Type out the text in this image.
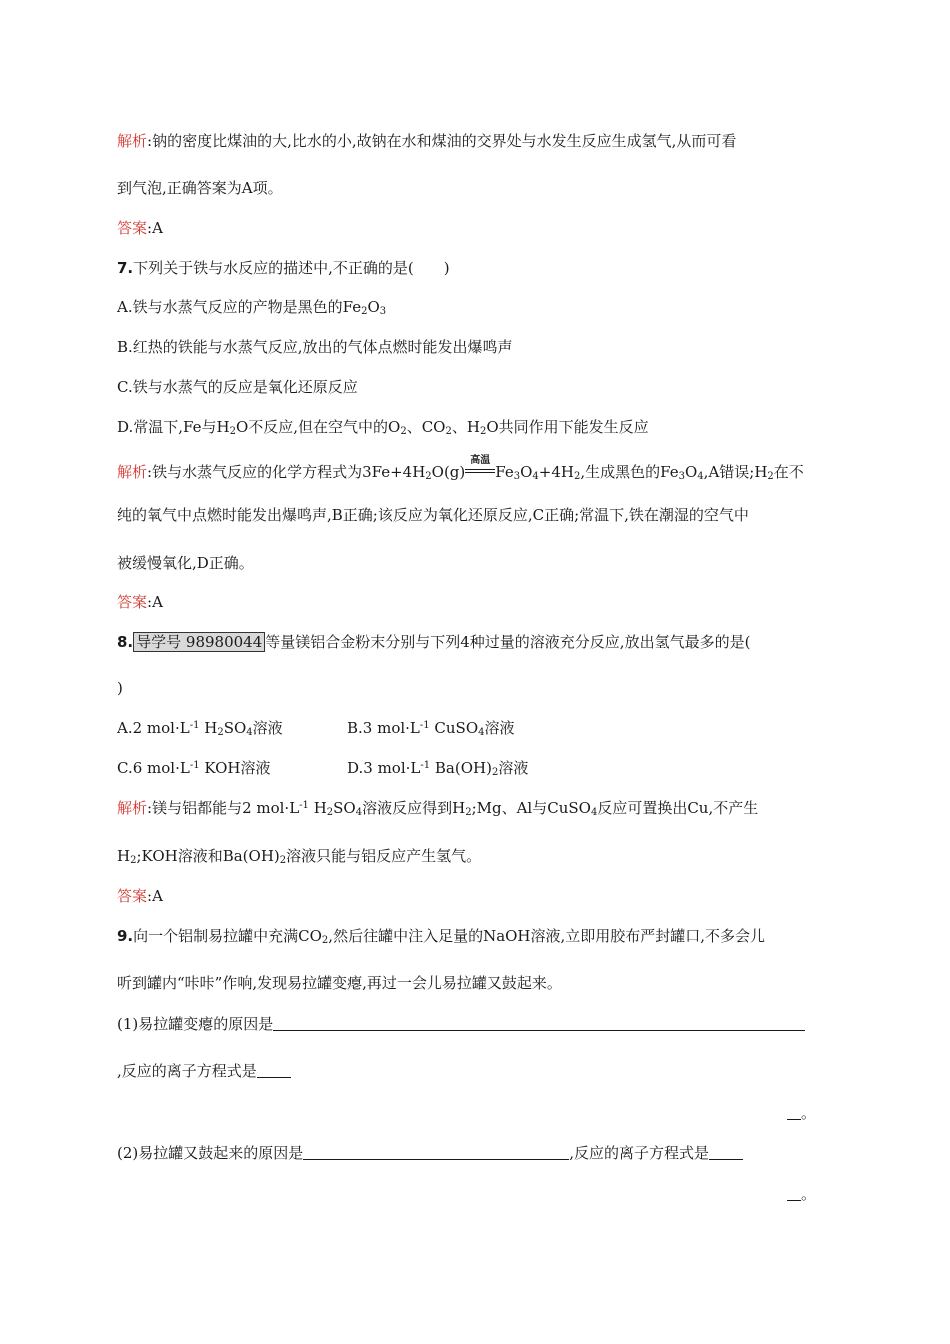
解析:钠的密度比煤油的大,比水的小,故钠在水和煤油的交界处与水发生反应生成氢气,从而可看
到气泡,正确答案为A项。
答案:A
7.下列关于铁与水反应的描述中,不正确的是(　　)
A.铁与水蒸气反应的产物是黑色的$Fe_2O_3$
B.红热的铁能与水蒸气反应,放出的气体点燃时能发出爆鸣声
C.铁与水蒸气的反应是氧化还原反应
D.常温下,Fe与$H_2O$不反应,但在空气中的$O_2$、$CO_2$、$H_2O$共同作用下能发生反应
解析:铁与水蒸气反应的化学方程式为$3Fe+4H_2O(g)$
高温
$Fe_3O_4+4H_2$,生成黑色的$Fe_3O_4,A$错误$;H_2$在不
纯的氧气中点燃时能发出爆鸣声,B正确;该反应为氧化还原反应,C正确;常温下,铁在潮湿的空气中
被缓慢氧化,D正确。
答案:A
8. 导学号 98980044 等量镁铝合金粉末分别与下列4种过量的溶液充分反应,放出氢气最多的是(
)
A.2 $mol\cdot L^{-1}$ $H_2SO_4$溶液	B.3 $mol\cdot L^{-1}$ CuSO$_4$溶液
C.6 $mol\cdot L^{-1}$ KOH溶液	D.3 $mol\cdot L^{-1}$ $Ba(OH)_2$溶液
解析:镁与铝都能与2 $mol\cdot L^{-1}$ $H_2SO_4$溶液反应得到$H_2;Mg$、Al与CuSO$_4$反应可置换出Cu,不产生
$H_2;KOH$溶液和$Ba(OH)_2$溶液只能与铝反应产生氢气。
答案:A
9.向一个铝制易拉罐中充满$CO_2$,然后往罐中注入足量的NaOH溶液,立即用胶布严封罐口,不多会儿
听到罐内“咔咔”作响,发现易拉罐变瘪,再过一会儿易拉罐又鼓起来。
(1)易拉罐变瘪的原因是
,反应的离子方程式是
。
(2)易拉罐又鼓起来的原因是	,反应的离子方程式是
。
